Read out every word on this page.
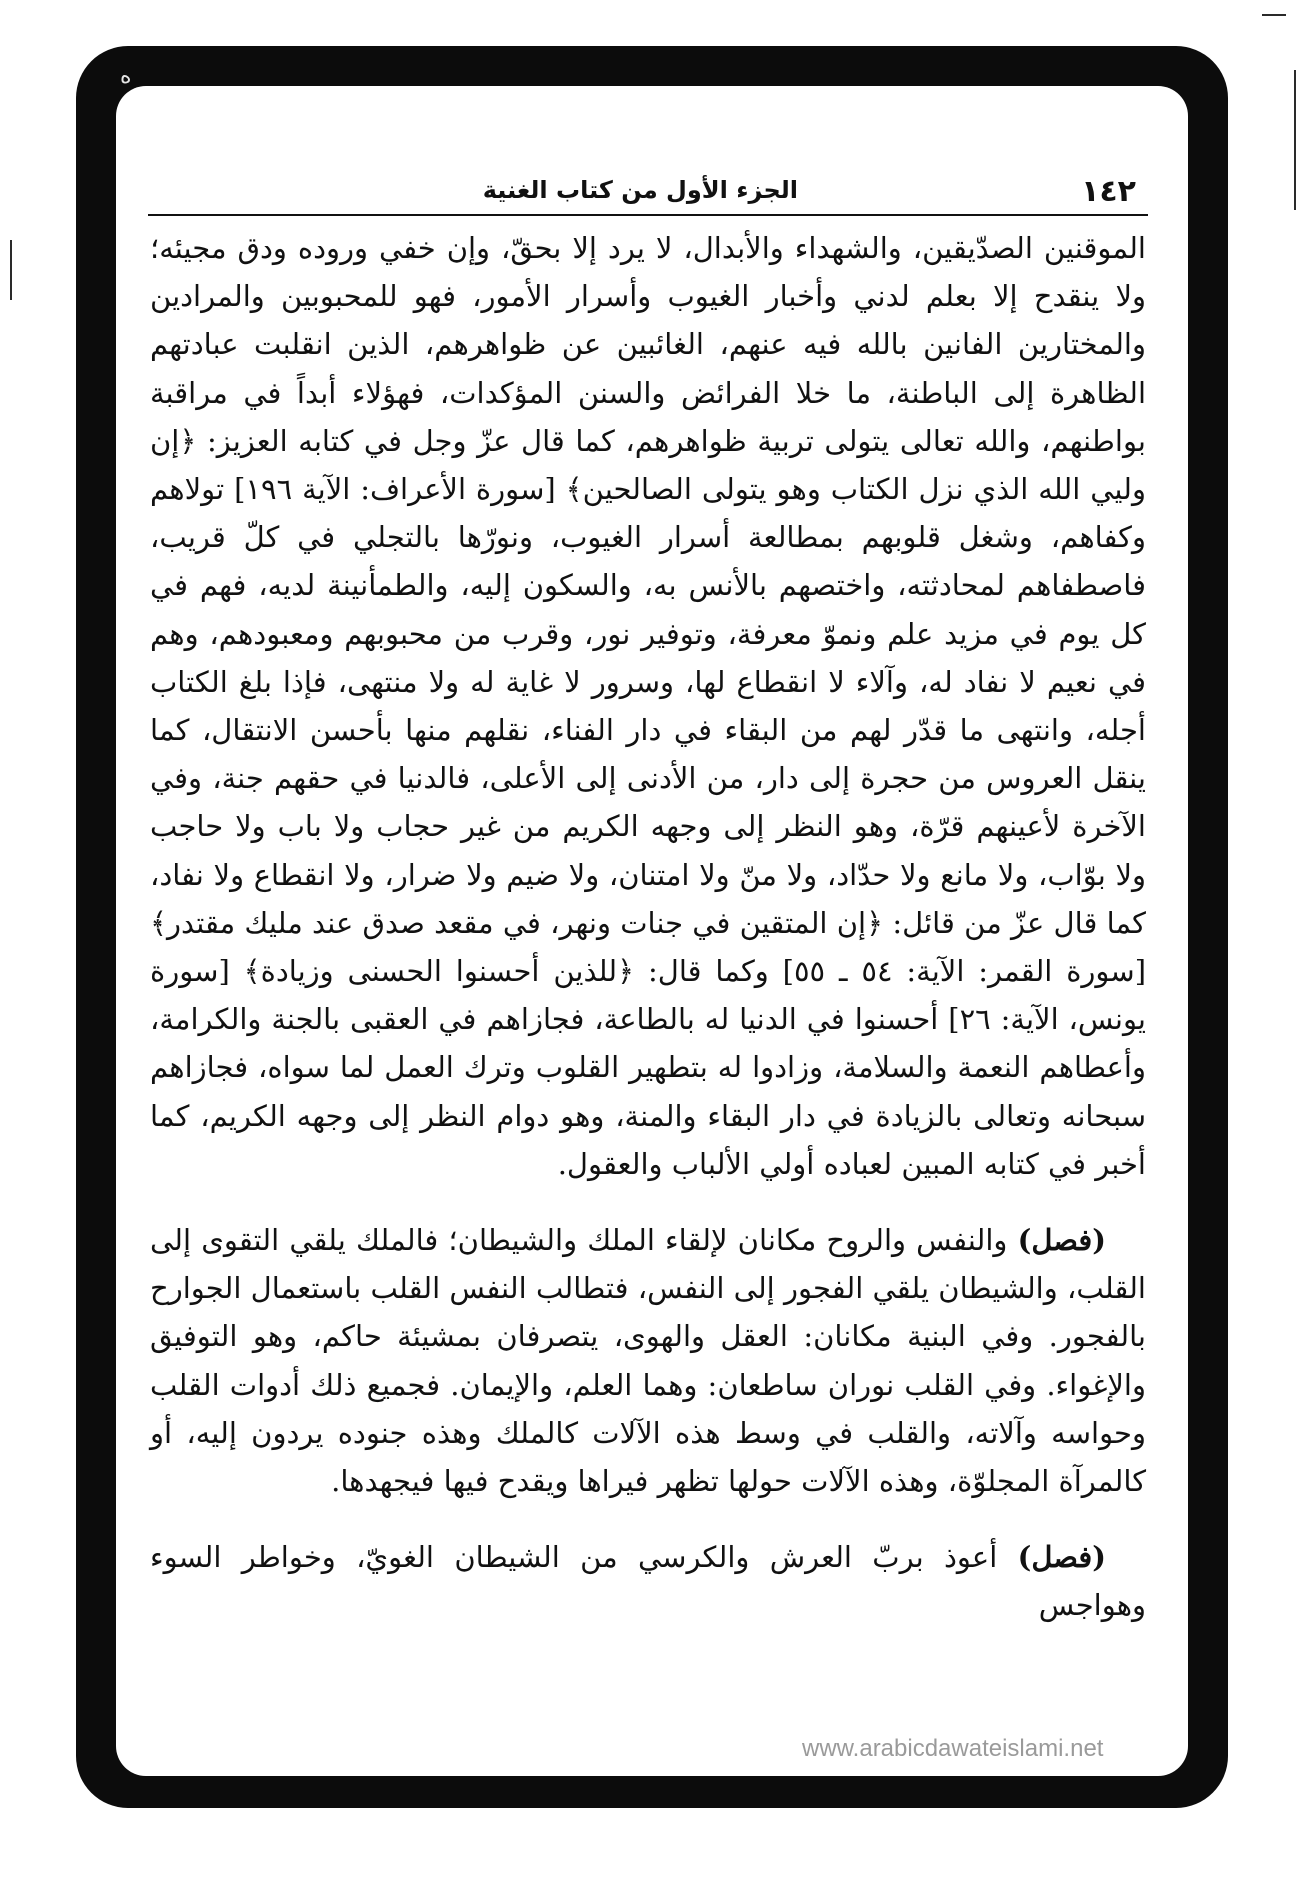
ه
١٤٢
الجزء الأول من كتاب الغنية

الموقنين الصدّيقين، والشهداء والأبدال، لا يرد إلا بحقّ، وإن خفي وروده ودق مجيئه؛ ولا ينقدح إلا بعلم لدني وأخبار الغيوب وأسرار الأمور، فهو للمحبوبين والمرادين والمختارين الفانين بالله فيه عنهم، الغائبين عن ظواهرهم، الذين انقلبت عبادتهم الظاهرة إلى الباطنة، ما خلا الفرائض والسنن المؤكدات، فهؤلاء أبداً في مراقبة بواطنهم، والله تعالى يتولى تربية ظواهرهم، كما قال عزّ وجل في كتابه العزيز: ﴿إن وليي الله الذي نزل الكتاب وهو يتولى الصالحين﴾ [سورة الأعراف: الآية ١٩٦] تولاهم وكفاهم، وشغل قلوبهم بمطالعة أسرار الغيوب، ونورّها بالتجلي في كلّ قريب، فاصطفاهم لمحادثته، واختصهم بالأنس به، والسكون إليه، والطمأنينة لديه، فهم في كل يوم في مزيد علم ونموّ معرفة، وتوفير نور، وقرب من محبوبهم ومعبودهم، وهم في نعيم لا نفاد له، وآلاء لا انقطاع لها، وسرور لا غاية له ولا منتهى، فإذا بلغ الكتاب أجله، وانتهى ما قدّر لهم من البقاء في دار الفناء، نقلهم منها بأحسن الانتقال، كما ينقل العروس من حجرة إلى دار، من الأدنى إلى الأعلى، فالدنيا في حقهم جنة، وفي الآخرة لأعينهم قرّة، وهو النظر إلى وجهه الكريم من غير حجاب ولا باب ولا حاجب ولا بوّاب، ولا مانع ولا حدّاد، ولا منّ ولا امتنان، ولا ضيم ولا ضرار، ولا انقطاع ولا نفاد، كما قال عزّ من قائل: ﴿إن المتقين في جنات ونهر، في مقعد صدق عند مليك مقتدر﴾ [سورة القمر: الآية: ٥٤ ـ ٥٥] وكما قال: ﴿للذين أحسنوا الحسنى وزيادة﴾ [سورة يونس، الآية: ٢٦] أحسنوا في الدنيا له بالطاعة، فجازاهم في العقبى بالجنة والكرامة، وأعطاهم النعمة والسلامة، وزادوا له بتطهير القلوب وترك العمل لما سواه، فجازاهم سبحانه وتعالى بالزيادة في دار البقاء والمنة، وهو دوام النظر إلى وجهه الكريم، كما أخبر في كتابه المبين لعباده أولي الألباب والعقول.

(فصل) والنفس والروح مكانان لإلقاء الملك والشيطان؛ فالملك يلقي التقوى إلى القلب، والشيطان يلقي الفجور إلى النفس، فتطالب النفس القلب باستعمال الجوارح بالفجور. وفي البنية مكانان: العقل والهوى، يتصرفان بمشيئة حاكم، وهو التوفيق والإغواء. وفي القلب نوران ساطعان: وهما العلم، والإيمان. فجميع ذلك أدوات القلب وحواسه وآلاته، والقلب في وسط هذه الآلات كالملك وهذه جنوده يردون إليه، أو كالمرآة المجلوّة، وهذه الآلات حولها تظهر فيراها ويقدح فيها فيجهدها.

(فصل) أعوذ بربّ العرش والكرسي من الشيطان الغويّ، وخواطر السوء وهواجس

www.arabicdawateislami.net
